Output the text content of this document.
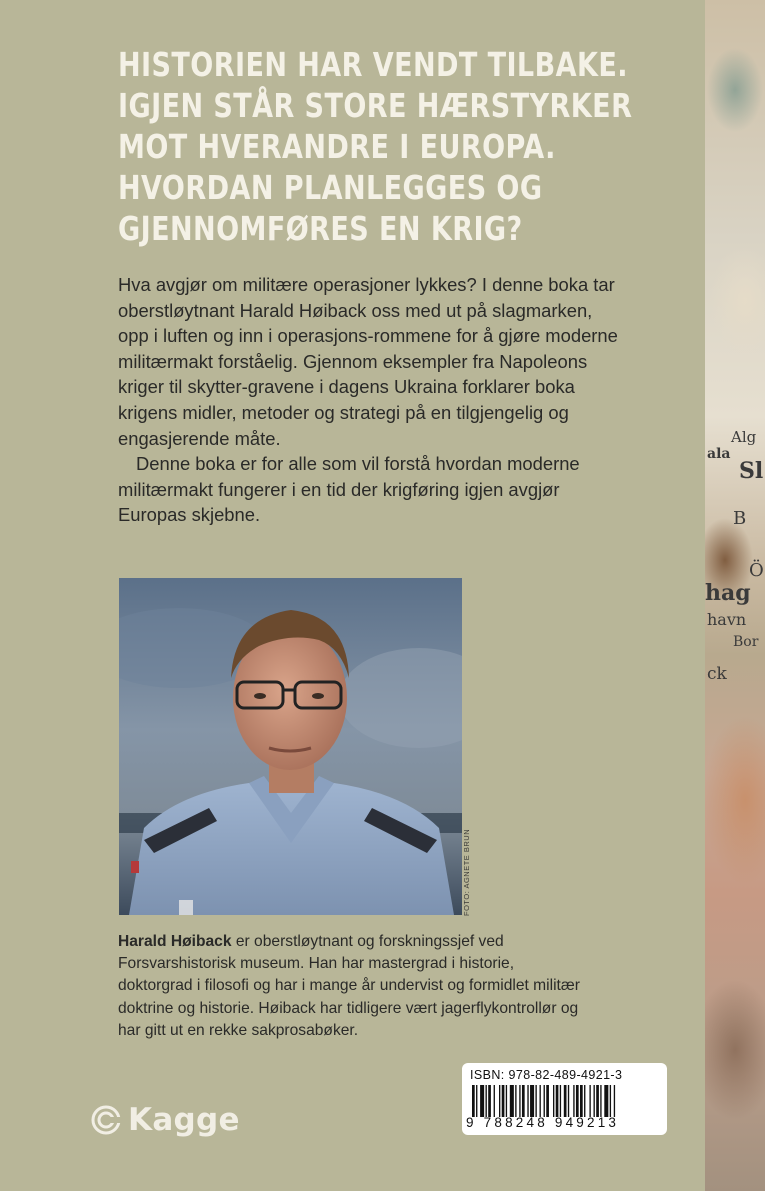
HISTORIEN HAR VENDT TILBAKE.
IGJEN STÅR STORE HÆRSTYRKER
MOT HVERANDRE I EUROPA.
HVORDAN PLANLEGGES OG
GJENNOMFØRES EN KRIG?

Hva avgjør om militære operasjoner lykkes? I denne boka tar oberstløytnant Harald Høiback oss med ut på slagmarken, opp i luften og inn i operasjons-rommene for å gjøre moderne militærmakt forståelig. Gjennom eksempler fra Napoleons kriger til skytter-gravene i dagens Ukraina forklarer boka krigens midler, metoder og strategi på en tilgjengelig og engasjerende måte.

Denne boka er for alle som vil forstå hvordan moderne militærmakt fungerer i en tid der krigføring igjen avgjør Europas skjebne.

FOTO: AGNETE BRUN
Harald Høiback er oberstløytnant og forskningssjef ved Forsvarshistorisk museum. Han har mastergrad i historie, doktorgrad i filosofi og har i mange år undervist og formidlet militær doktrine og historie. Høiback har tidligere vært jagerflykontrollør og har gitt ut en rekke sakprosabøker.
Kagge
ISBN: 978-82-489-4921-3
9 788248 949213
Alg
ala
Sl
B
Ö
hag
havn
Bor
ck
